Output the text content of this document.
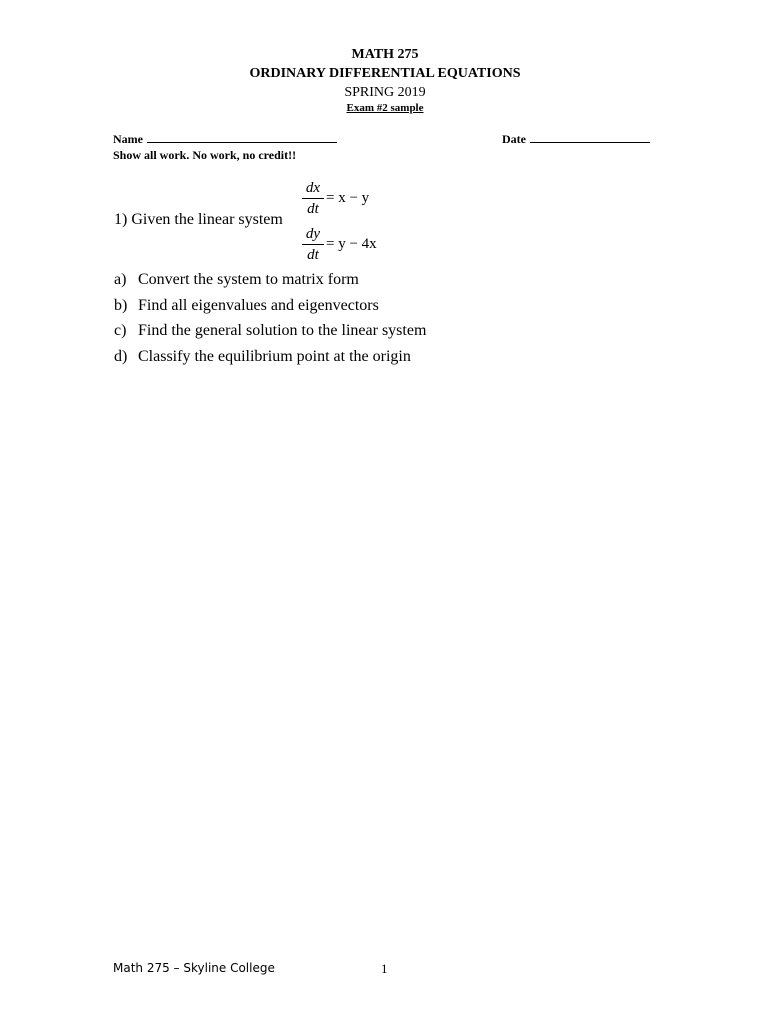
MATH 275
ORDINARY DIFFERENTIAL EQUATIONS
SPRING 2019
Exam #2 sample
Name	Date
Show all work. No work, no credit!!
1) Given the linear system
$\frac{dx}{dt} = x - y$
$\frac{dy}{dt} = y - 4x$
a) Convert the system to matrix form
b) Find all eigenvalues and eigenvectors
c) Find the general solution to the linear system
d) Classify the equilibrium point at the origin
Math 275 – Skyline College	1
